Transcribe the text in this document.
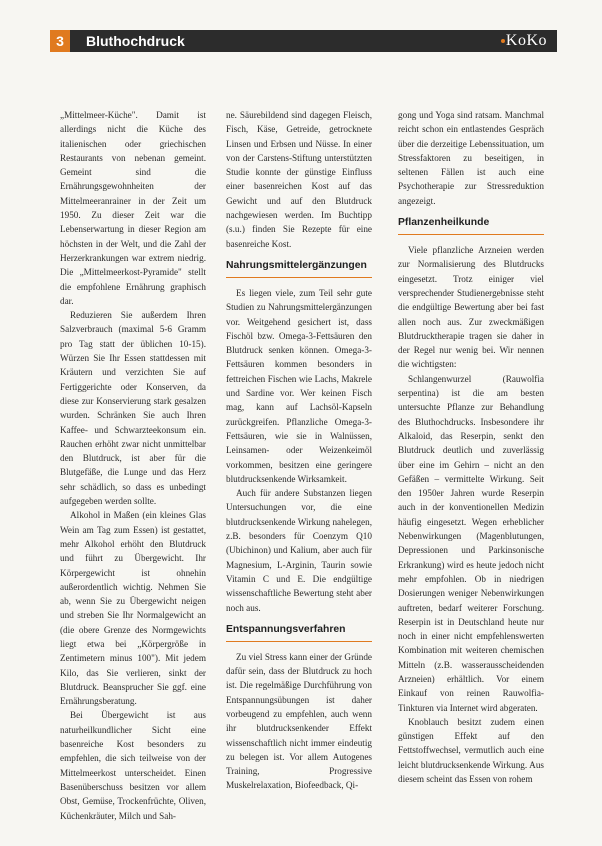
3	Bluthochdruck	KoKo

„Mittelmeer-Küche". Damit ist allerdings nicht die Küche des italienischen oder griechischen Restaurants von nebenan gemeint. Gemeint sind die Ernährungsgewohnheiten der Mittelmeeranrainer in der Zeit um 1950. Zu dieser Zeit war die Lebenserwartung in dieser Region am höchsten in der Welt, und die Zahl der Herzerkrankungen war extrem niedrig. Die „Mittelmeerkost-Pyramide" stellt die empfohlene Ernährung graphisch dar.

Reduzieren Sie außerdem Ihren Salzverbrauch (maximal 5-6 Gramm pro Tag statt der üblichen 10-15). Würzen Sie Ihr Essen stattdessen mit Kräutern und verzichten Sie auf Fertiggerichte oder Konserven, da diese zur Konservierung stark gesalzen wurden. Schränken Sie auch Ihren Kaffee- und Schwarzteekonsum ein. Rauchen erhöht zwar nicht unmittelbar den Blutdruck, ist aber für die Blutgefäße, die Lunge und das Herz sehr schädlich, so dass es unbedingt aufgegeben werden sollte.

Alkohol in Maßen (ein kleines Glas Wein am Tag zum Essen) ist gestattet, mehr Alkohol erhöht den Blutdruck und führt zu Übergewicht. Ihr Körpergewicht ist ohnehin außerordentlich wichtig. Nehmen Sie ab, wenn Sie zu Übergewicht neigen und streben Sie Ihr Normalgewicht an (die obere Grenze des Normgewichts liegt etwa bei „Körpergröße in Zentimetern minus 100"). Mit jedem Kilo, das Sie verlieren, sinkt der Blutdruck. Beansprucher Sie ggf. eine Ernährungsberatung.

Bei Übergewicht ist aus naturheilkundlicher Sicht eine basenreiche Kost besonders zu empfehlen, die sich teilweise von der Mittelmeerkost unterscheidet. Einen Basenüberschuss besitzen vor allem Obst, Gemüse, Trockenfrüchte, Oliven, Küchenkräuter, Milch und Sah-

ne. Säurebildend sind dagegen Fleisch, Fisch, Käse, Getreide, getrocknete Linsen und Erbsen und Nüsse. In einer von der Carstens-Stiftung unterstützten Studie konnte der günstige Einfluss einer basenreichen Kost auf das Gewicht und auf den Blutdruck nachgewiesen werden. Im Buchtipp (s.u.) finden Sie Rezepte für eine basenreiche Kost.

Nahrungsmittelergänzungen

Es liegen viele, zum Teil sehr gute Studien zu Nahrungsmittelergänzungen vor. Weitgehend gesichert ist, dass Fischöl bzw. Omega-3-Fettsäuren den Blutdruck senken können. Omega-3-Fettsäuren kommen besonders in fettreichen Fischen wie Lachs, Makrele und Sardine vor. Wer keinen Fisch mag, kann auf Lachsöl-Kapseln zurückgreifen. Pflanzliche Omega-3-Fettsäuren, wie sie in Walnüssen, Leinsamen- oder Weizenkeimöl vorkommen, besitzen eine geringere blutdrucksenkende Wirksamkeit.

Auch für andere Substanzen liegen Untersuchungen vor, die eine blutdrucksenkende Wirkung nahelegen, z.B. besonders für Coenzym Q10 (Ubichinon) und Kalium, aber auch für Magnesium, L-Arginin, Taurin sowie Vitamin C und E. Die endgültige wissenschaftliche Bewertung steht aber noch aus.

Entspannungsverfahren

Zu viel Stress kann einer der Gründe dafür sein, dass der Blutdruck zu hoch ist. Die regelmäßige Durchführung von Entspannungsübungen ist daher vorbeugend zu empfehlen, auch wenn ihr blutdrucksenkender Effekt wissenschaftlich nicht immer eindeutig zu belegen ist. Vor allem Autogenes Training, Progressive Muskelrelaxation, Biofeedback, Qi-

gong und Yoga sind ratsam. Manchmal reicht schon ein entlastendes Gespräch über die derzeitige Lebenssituation, um Stressfaktoren zu beseitigen, in seltenen Fällen ist auch eine Psychotherapie zur Stressreduktion angezeigt.

Pflanzenheilkunde

Viele pflanzliche Arzneien werden zur Normalisierung des Blutdrucks eingesetzt. Trotz einiger viel versprechender Studienergebnisse steht die endgültige Bewertung aber bei fast allen noch aus. Zur zweckmäßigen Blutdrucktherapie tragen sie daher in der Regel nur wenig bei. Wir nennen die wichtigsten:

Schlangenwurzel (Rauwolfia serpentina) ist die am besten untersuchte Pflanze zur Behandlung des Bluthochdrucks. Insbesondere ihr Alkaloid, das Reserpin, senkt den Blutdruck deutlich und zuverlässig über eine im Gehirn – nicht an den Gefäßen – vermittelte Wirkung. Seit den 1950er Jahren wurde Reserpin auch in der konventionellen Medizin häufig eingesetzt. Wegen erheblicher Nebenwirkungen (Magenblutungen, Depressionen und Parkinsonische Erkrankung) wird es heute jedoch nicht mehr empfohlen. Ob in niedrigen Dosierungen weniger Nebenwirkungen auftreten, bedarf weiterer Forschung. Reserpin ist in Deutschland heute nur noch in einer nicht empfehlenswerten Kombination mit weiteren chemischen Mitteln (z.B. wasserausscheidenden Arzneien) erhältlich. Vor einem Einkauf von reinen Rauwolfia-Tinkturen via Internet wird abgeraten.

Knoblauch besitzt zudem einen günstigen Effekt auf den Fettstoffwechsel, vermutlich auch eine leicht blutdrucksenkende Wirkung. Aus diesem scheint das Essen von rohem
